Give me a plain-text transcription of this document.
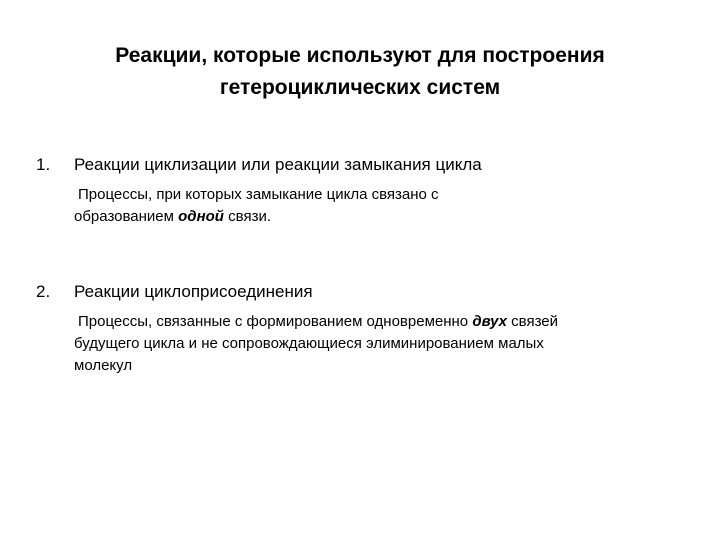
Реакции, которые используют для построения
гетероциклических систем
1. Реакции циклизации или реакции замыкания цикла
Процессы, при которых замыкание цикла связано с
образованием одной связи.
2. Реакции циклоприсоединения
Процессы, связанные с формированием одновременно двух связей
будущего цикла и не сопровождающиеся элиминированием малых
молекул
